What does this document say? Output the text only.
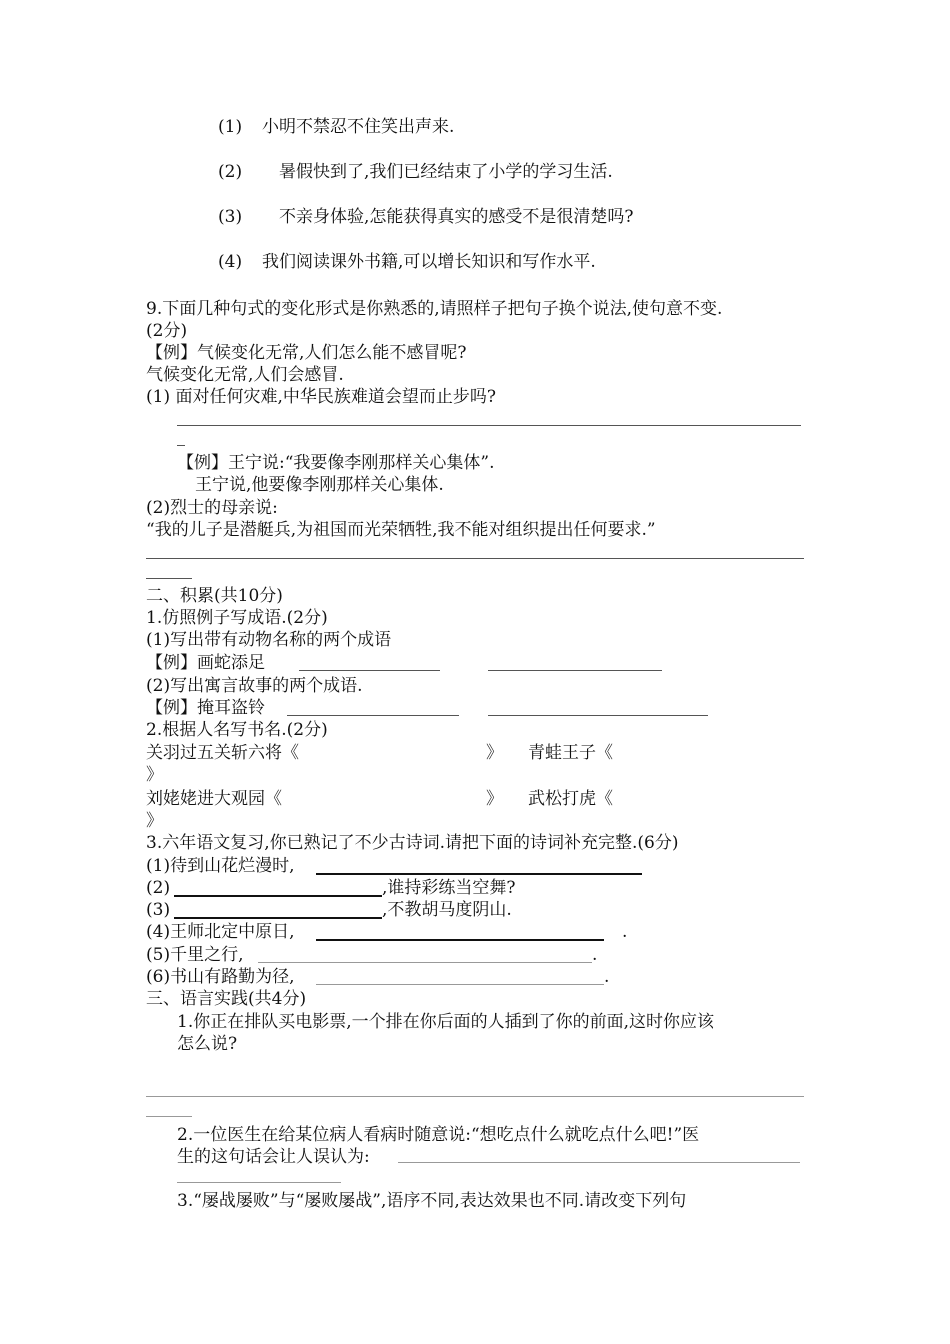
(1) 小明不禁忍不住笑出声来.
(2) 暑假快到了,我们已经结束了小学的学习生活.
(3) 不亲身体验,怎能获得真实的感受不是很清楚吗?
(4) 我们阅读课外书籍,可以增长知识和写作水平.
9.下面几种句式的变化形式是你熟悉的,请照样子把句子换个说法,使句意不变.
(2分)
【例】气候变化无常,人们怎么能不感冒呢?
气候变化无常,人们会感冒.
(1) 面对任何灾难,中华民族难道会望而止步吗?
【例】王宁说:“我要像李刚那样关心集体”.
王宁说,他要像李刚那样关心集体.
(2)烈士的母亲说:
“我的儿子是潜艇兵,为祖国而光荣牺牲,我不能对组织提出任何要求.”
二、积累(共10分)
1.仿照例子写成语.(2分)
(1)写出带有动物名称的两个成语
【例】画蛇添足
(2)写出寓言故事的两个成语.
【例】掩耳盗铃
2.根据人名写书名.(2分)
关羽过五关斩六将《	》 青蛙王子《
》
刘姥姥进大观园《	》 武松打虎《
》
3.六年语文复习,你已熟记了不少古诗词.请把下面的诗词补充完整.(6分)
(1)待到山花烂漫时,
(2)	,谁持彩练当空舞?
(3)	,不教胡马度阴山.
(4)王师北定中原日,	.
(5)千里之行,	.
(6)书山有路勤为径,	.
三、语言实践(共4分)
1.你正在排队买电影票,一个排在你后面的人插到了你的前面,这时你应该
怎么说?
2.一位医生在给某位病人看病时随意说:“想吃点什么就吃点什么吧!”医
生的这句话会让人误认为:
3.“屡战屡败”与“屡败屡战”,语序不同,表达效果也不同.请改变下列句
